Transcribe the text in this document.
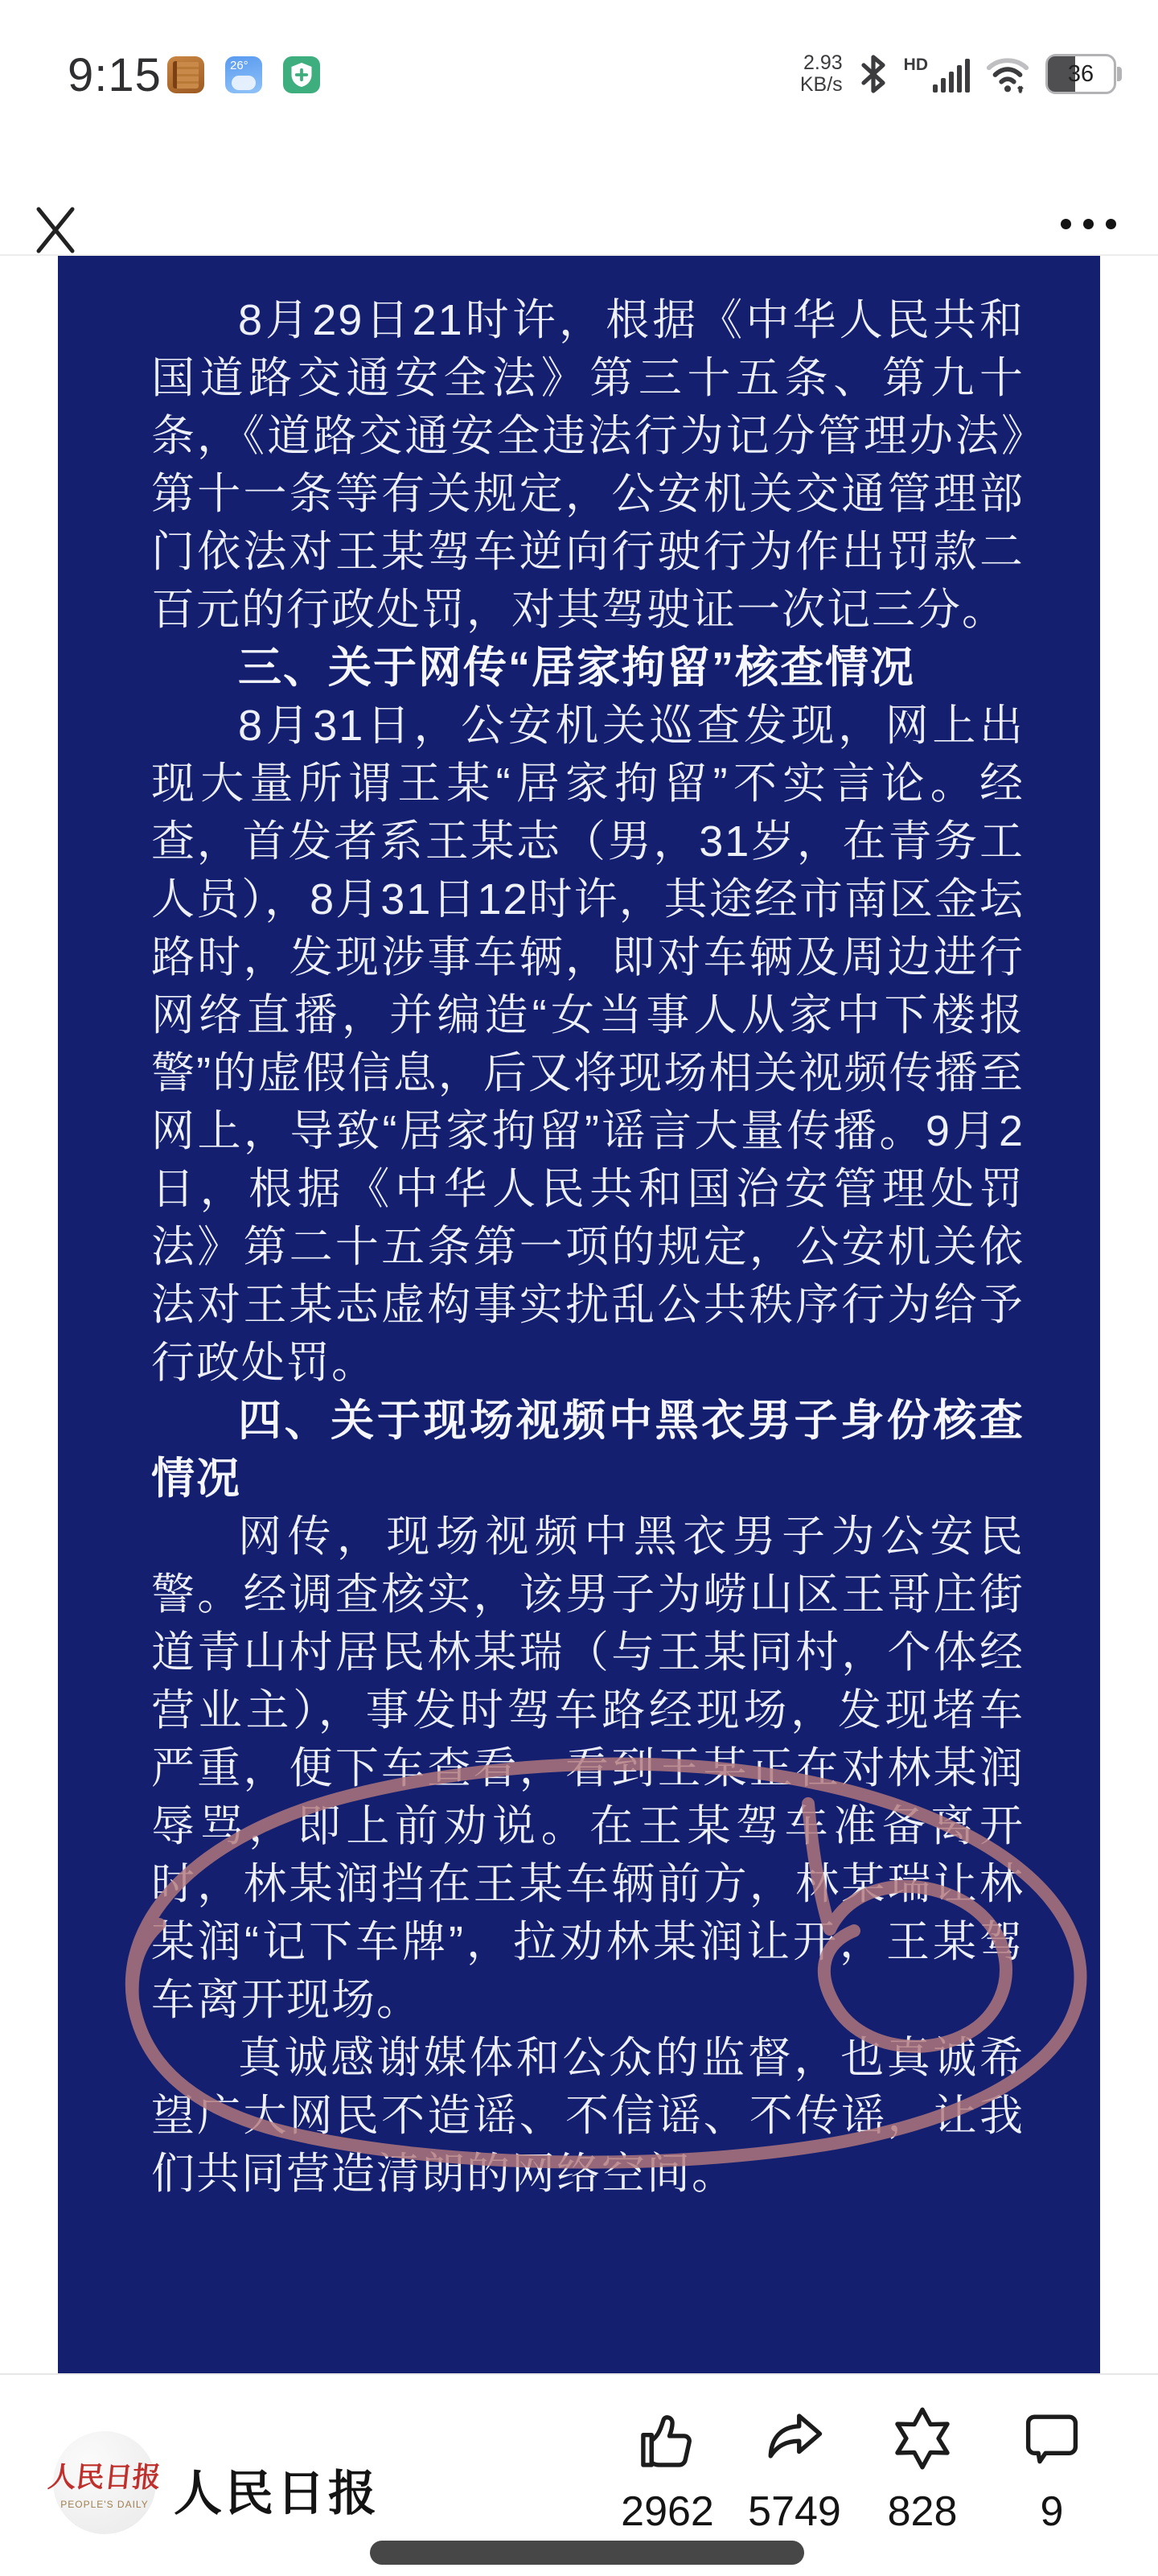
9:15	26°	2.93
KB/s
HD	36

8月29日21时许，根据《中华人民共和国道路交通安全法》第三十五条、第九十条，《道路交通安全违法行为记分管理办法》第十一条等有关规定，公安机关交通管理部门依法对王某驾车逆向行驶行为作出罚款二百元的行政处罚，对其驾驶证一次记三分。

三、关于网传“居家拘留”核查情况

8月31日，公安机关巡查发现，网上出现大量所谓王某“居家拘留”不实言论。经查，首发者系王某志（男，31岁，在青务工人员），8月31日12时许，其途经市南区金坛路时，发现涉事车辆，即对车辆及周边进行网络直播，并编造“女当事人从家中下楼报警”的虚假信息，后又将现场相关视频传播至网上，导致“居家拘留”谣言大量传播。9月2日，根据《中华人民共和国治安管理处罚法》第二十五条第一项的规定，公安机关依法对王某志虚构事实扰乱公共秩序行为给予行政处罚。

四、关于现场视频中黑衣男子身份核查情况

网传，现场视频中黑衣男子为公安民警。经调查核实，该男子为崂山区王哥庄街道青山村居民林某瑞（与王某同村，个体经营业主），事发时驾车路经现场，发现堵车严重，便下车查看，看到王某正在对林某润辱骂，即上前劝说。在王某驾车准备离开时，林某润挡在王某车辆前方，林某瑞让林某润“记下车牌”，拉劝林某润让开，王某驾车离开现场。

真诚感谢媒体和公众的监督，也真诚希望广大网民不造谣、不信谣、不传谣，让我们共同营造清朗的网络空间。

人民日报
PEOPLE'S DAILY 人民日报	2962 5749 828 9
